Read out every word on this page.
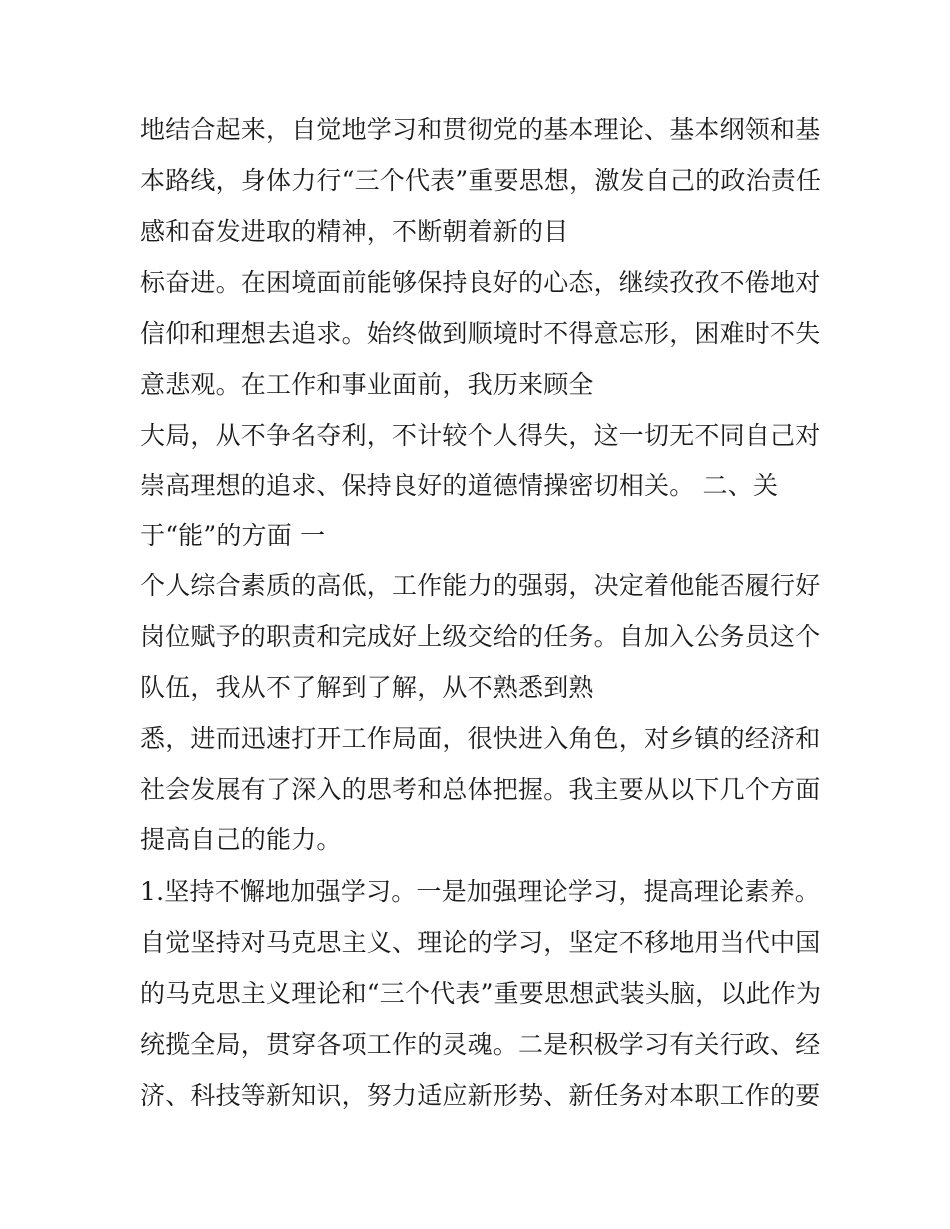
地结合起来，自觉地学习和贯彻党的基本理论、基本纲领和基
本路线，身体力行“三个代表”重要思想，激发自己的政治责任
感和奋发进取的精神，不断朝着新的目
标奋进。在困境面前能够保持良好的心态，继续孜孜不倦地对
信仰和理想去追求。始终做到顺境时不得意忘形，困难时不失
意悲观。在工作和事业面前，我历来顾全
大局，从不争名夺利，不计较个人得失，这一切无不同自己对
崇高理想的追求、保持良好的道德情操密切相关。 二、关
于“能”的方面 一
个人综合素质的高低，工作能力的强弱，决定着他能否履行好
岗位赋予的职责和完成好上级交给的任务。自加入公务员这个
队伍，我从不了解到了解，从不熟悉到熟
悉，进而迅速打开工作局面，很快进入角色，对乡镇的经济和
社会发展有了深入的思考和总体把握。我主要从以下几个方面
提高自己的能力。
1.坚持不懈地加强学习。一是加强理论学习，提高理论素养。
自觉坚持对马克思主义、理论的学习，坚定不移地用当代中国
的马克思主义理论和“三个代表”重要思想武装头脑，以此作为
统揽全局，贯穿各项工作的灵魂。二是积极学习有关行政、经
济、科技等新知识，努力适应新形势、新任务对本职工作的要
